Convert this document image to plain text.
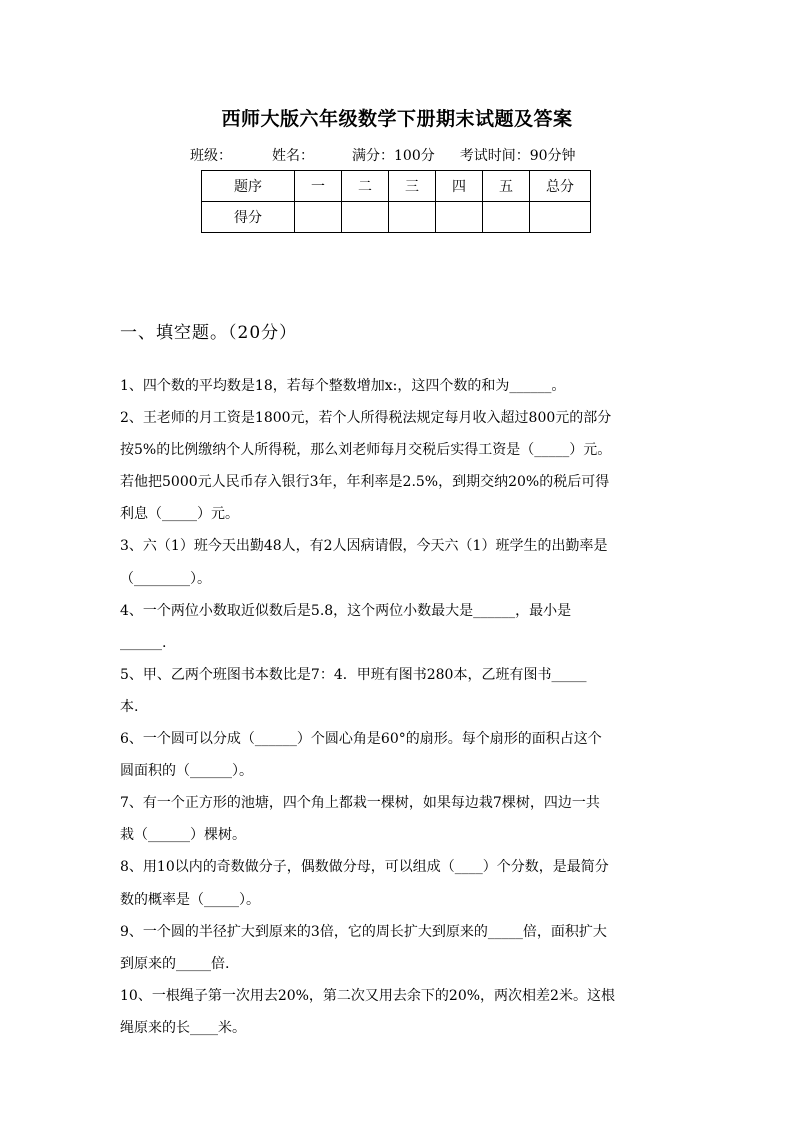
西师大版六年级数学下册期末试题及答案
班级：	姓名：	满分：100分 考试时间：90分钟
题序	一	二	三	四	五	总分
得分						
一、填空题。（20分）
1、四个数的平均数是18，若每个整数增加x:，这四个数的和为______。
2、王老师的月工资是1800元，若个人所得税法规定每月收入超过800元的部分
按5%的比例缴纳个人所得税，那么刘老师每月交税后实得工资是（_____）元。
若他把5000元人民币存入银行3年，年利率是2.5%，到期交纳20%的税后可得
利息（_____）元。
3、六（1）班今天出勤48人，有2人因病请假，今天六（1）班学生的出勤率是
（________）。
4、一个两位小数取近似数后是5.8，这个两位小数最大是______，最小是
______.
5、甲、乙两个班图书本数比是7：4．甲班有图书280本，乙班有图书_____
本.
6、一个圆可以分成（______）个圆心角是60°的扇形。每个扇形的面积占这个
圆面积的（______）。
7、有一个正方形的池塘，四个角上都栽一棵树，如果每边栽7棵树，四边一共
栽（______）棵树。
8、用10以内的奇数做分子，偶数做分母，可以组成（____）个分数，是最简分
数的概率是（_____）。
9、一个圆的半径扩大到原来的3倍，它的周长扩大到原来的_____倍，面积扩大
到原来的_____倍.
10、一根绳子第一次用去20%，第二次又用去余下的20%，两次相差2米。这根
绳原来的长____米。
